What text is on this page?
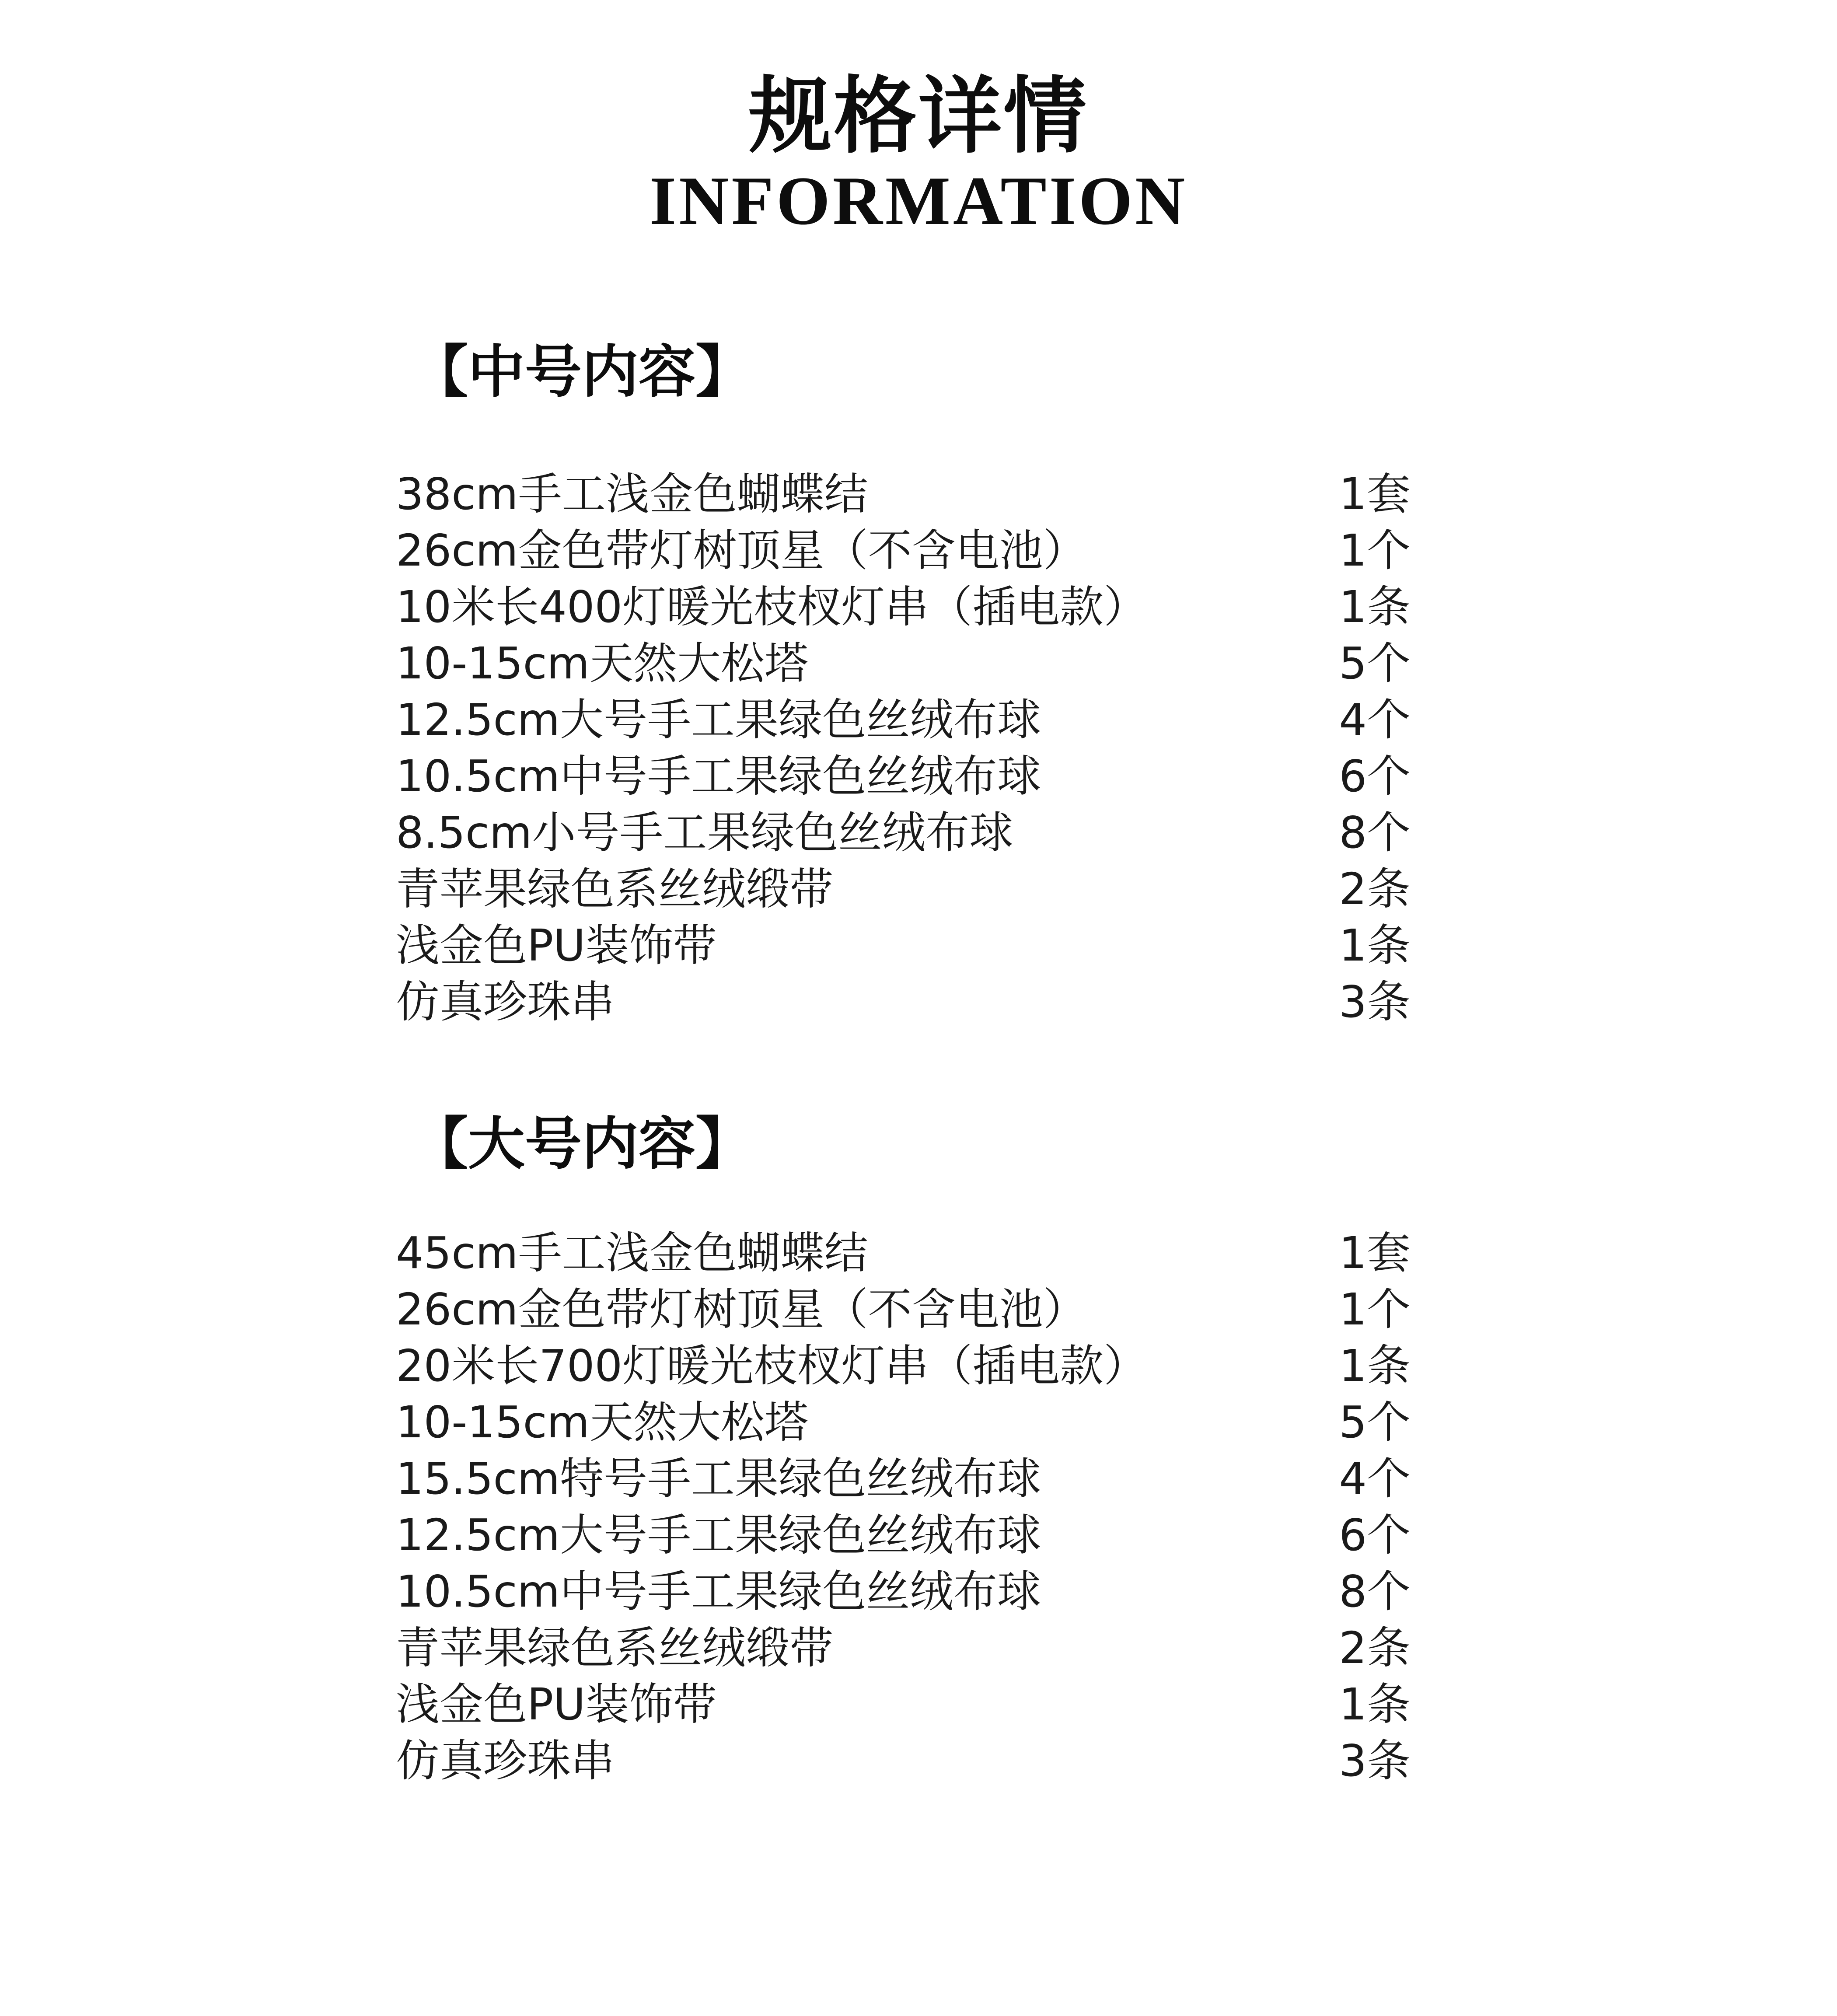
规格详情
INFORMATION
【中号内容】
38cm手工浅金色蝴蝶结	1套
26cm金色带灯树顶星（不含电池）	1个
10米长400灯暖光枝杈灯串（插电款）	1条
10-15cm天然大松塔	5个
12.5cm大号手工果绿色丝绒布球	4个
10.5cm中号手工果绿色丝绒布球	6个
8.5cm小号手工果绿色丝绒布球	8个
青苹果绿色系丝绒缎带	2条
浅金色PU装饰带	1条
仿真珍珠串	3条
【大号内容】
45cm手工浅金色蝴蝶结	1套
26cm金色带灯树顶星（不含电池）	1个
20米长700灯暖光枝杈灯串（插电款）	1条
10-15cm天然大松塔	5个
15.5cm特号手工果绿色丝绒布球	4个
12.5cm大号手工果绿色丝绒布球	6个
10.5cm中号手工果绿色丝绒布球	8个
青苹果绿色系丝绒缎带	2条
浅金色PU装饰带	1条
仿真珍珠串	3条
